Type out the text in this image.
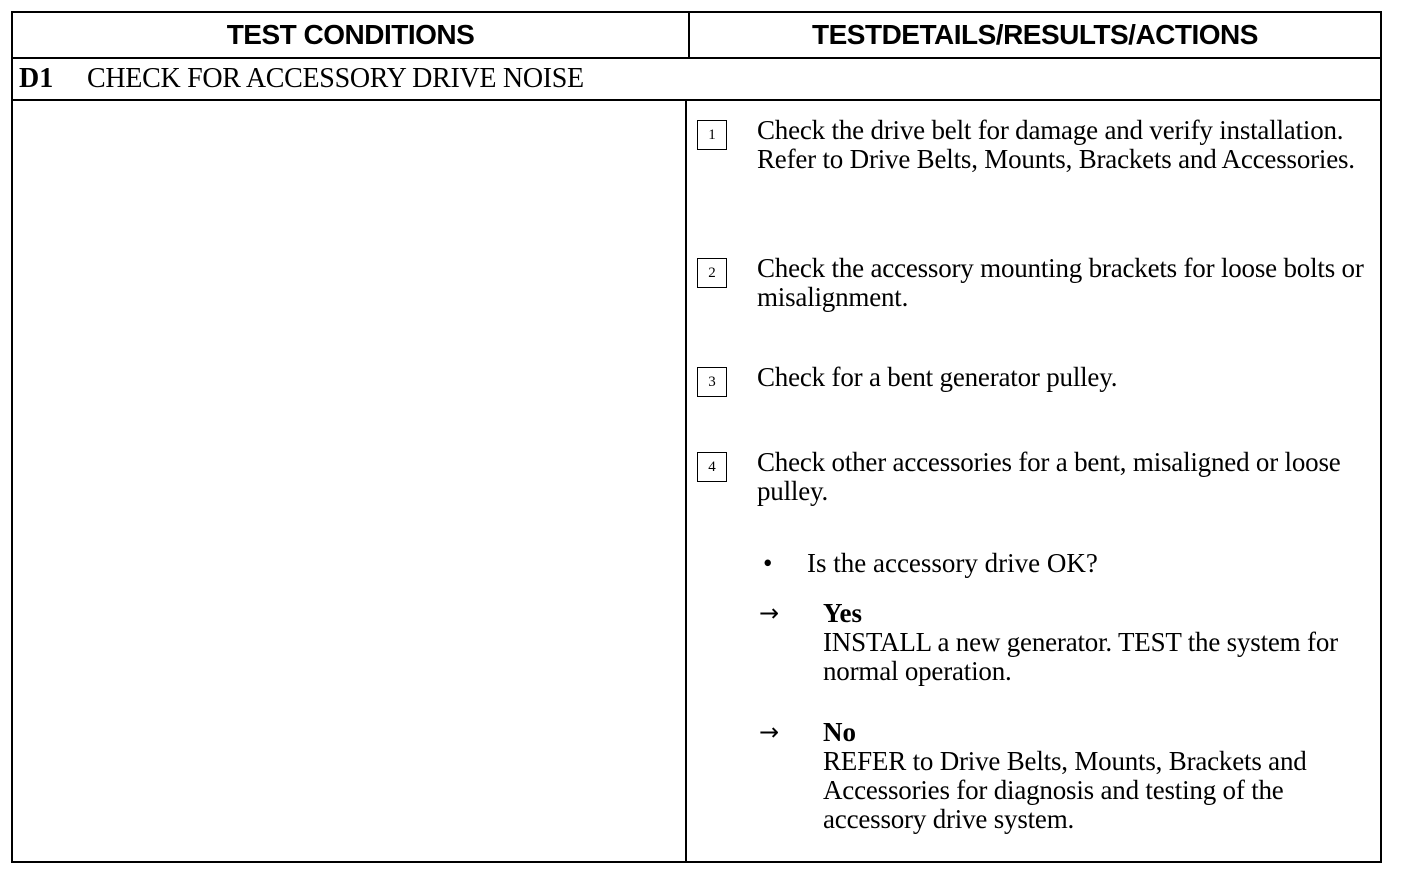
TEST CONDITIONS	TESTDETAILS/RESULTS/ACTIONS
D1	CHECK FOR ACCESSORY DRIVE NOISE
1	Check the drive belt for damage and verify installation. Refer to Drive Belts, Mounts, Brackets and Accessories.
2	Check the accessory mounting brackets for loose bolts or misalignment.
3	Check for a bent generator pulley.
4	Check other accessories for a bent, misaligned or loose pulley.
• Is the accessory drive OK?
→ Yes
INSTALL a new generator. TEST the system for normal operation.
→ No
REFER to Drive Belts, Mounts, Brackets and Accessories for diagnosis and testing of the accessory drive system.
